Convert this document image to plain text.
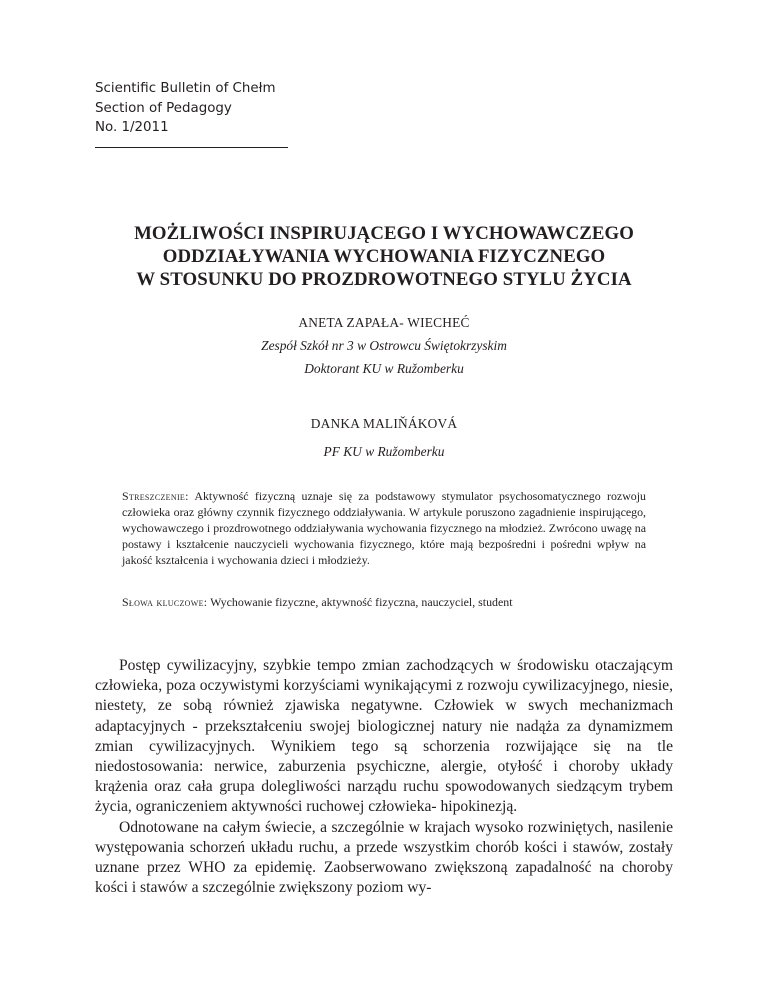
Scientific Bulletin of Chełm
Section of Pedagogy
No. 1/2011
MOŻLIWOŚCI INSPIRUJĄCEGO I WYCHOWAWCZEGO
ODDZIAŁYWANIA WYCHOWANIA FIZYCZNEGO
W STOSUNKU DO PROZDROWOTNEGO STYLU ŻYCIA
ANETA ZAPAŁA- WIECHEĆ
Zespół Szkół nr 3 w Ostrowcu Świętokrzyskim
Doktorant KU w Ružomberku
DANKA MALIŇÁKOVÁ
PF KU w Ružomberku
Streszczenie: Aktywność fizyczną uznaje się za podstawowy stymulator psychosomatycznego rozwoju człowieka oraz główny czynnik fizycznego oddziaływania. W artykule poruszono zagadnienie inspirującego, wychowawczego i prozdrowotnego oddziaływania wychowania fizycznego na młodzież. Zwrócono uwagę na postawy i kształcenie nauczycieli wychowania fizycznego, które mają bezpośredni i pośredni wpływ na jakość kształcenia i wychowania dzieci i młodzieży.
Słowa kluczowe: Wychowanie fizyczne, aktywność fizyczna, nauczyciel, student

Postęp cywilizacyjny, szybkie tempo zmian zachodzących w środowisku otaczającym człowieka, poza oczywistymi korzyściami wynikającymi z rozwoju cywilizacyjnego, niesie, niestety, ze sobą również zjawiska negatywne. Człowiek w swych mechanizmach adaptacyjnych - przekształceniu swojej biologicznej natury nie nadąża za dynamizmem zmian cywilizacyjnych. Wynikiem tego są schorzenia rozwijające się na tle niedostosowania: nerwice, zaburzenia psychiczne, alergie, otyłość i choroby układy krążenia oraz cała grupa dolegliwości narządu ruchu spowodowanych siedzącym trybem życia, ograniczeniem aktywności ruchowej człowieka- hipokinezją.

Odnotowane na całym świecie, a szczególnie w krajach wysoko rozwiniętych, nasilenie występowania schorzeń układu ruchu, a przede wszystkim chorób kości i stawów, zostały uznane przez WHO za epidemię. Zaobserwowano zwiększoną zapadalność na choroby kości i stawów a szczególnie zwiększony poziom wy-
